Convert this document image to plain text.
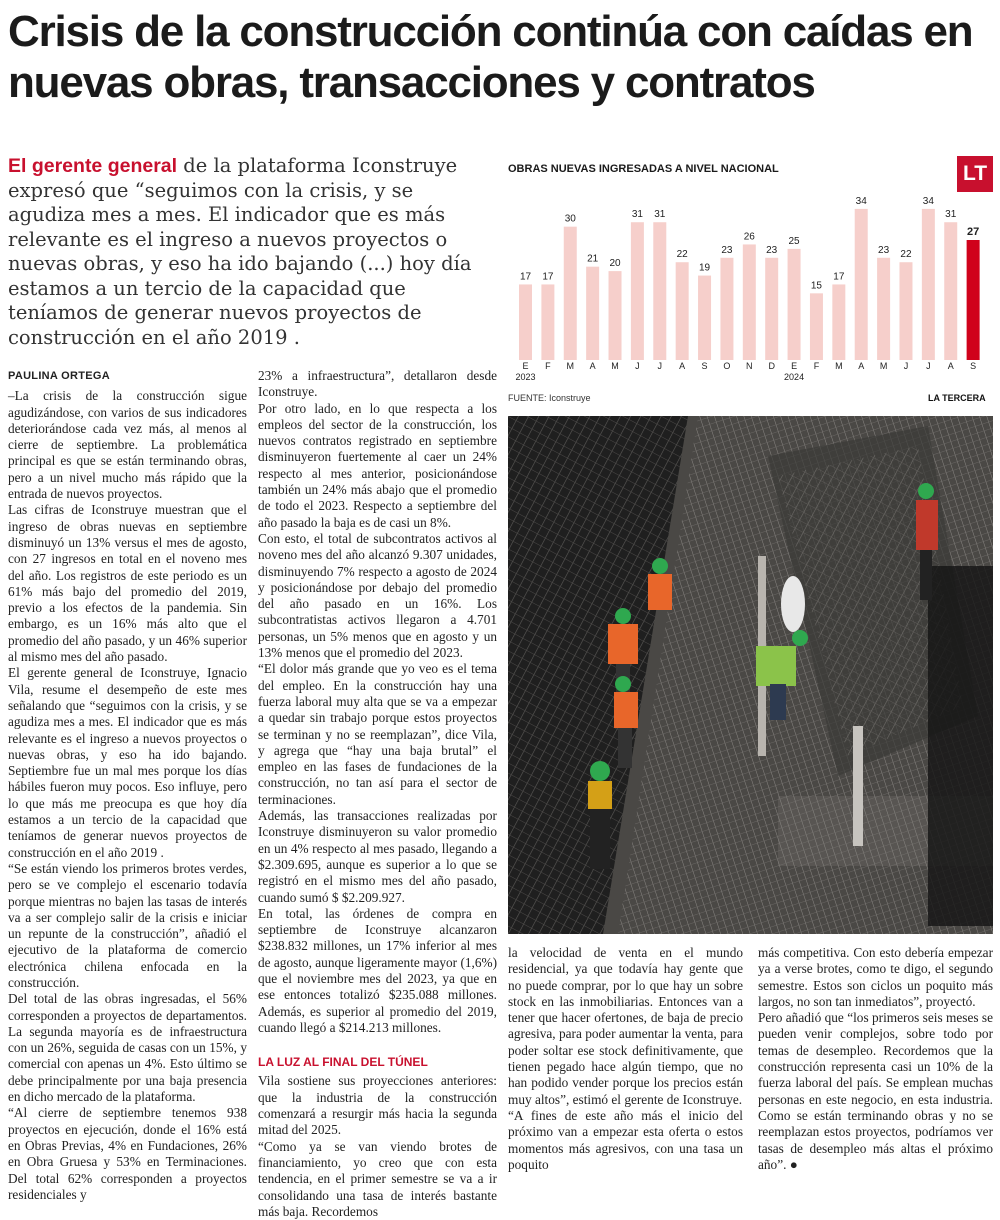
Crisis de la construcción continúa con caídas en nuevas obras, transacciones y contratos

El gerente general de la plataforma Iconstruye expresó que “seguimos con la crisis, y se agudiza mes a mes. El indicador que es más relevante es el ingreso a nuevos proyectos o nuevas obras, y eso ha ido bajando (...) hoy día estamos a un tercio de la capacidad que teníamos de generar nuevos proyectos de construcción en el año 2019 .

PAULINA ORTEGA

–La crisis de la construcción sigue agudizándose, con varios de sus indicadores deteriorándose cada vez más, al menos al cierre de septiembre. La problemática principal es que se están terminando obras, pero a un nivel mucho más rápido que la entrada de nuevos proyectos.

Las cifras de Iconstruye muestran que el ingreso de obras nuevas en septiembre disminuyó un 13% versus el mes de agosto, con 27 ingresos en total en el noveno mes del año. Los registros de este periodo es un 61% más bajo del promedio del 2019, previo a los efectos de la pandemia. Sin embargo, es un 16% más alto que el promedio del año pasado, y un 46% superior al mismo mes del año pasado.

El gerente general de Iconstruye, Ignacio Vila, resume el desempeño de este mes señalando que “seguimos con la crisis, y se agudiza mes a mes. El indicador que es más relevante es el ingreso a nuevos proyectos o nuevas obras, y eso ha ido bajando. Septiembre fue un mal mes porque los días hábiles fueron muy pocos. Eso influye, pero lo que más me preocupa es que hoy día estamos a un tercio de la capacidad que teníamos de generar nuevos proyectos de construcción en el año 2019 .

“Se están viendo los primeros brotes verdes, pero se ve complejo el escenario todavía porque mientras no bajen las tasas de interés va a ser complejo salir de la crisis e iniciar un repunte de la construcción”, añadió el ejecutivo de la plataforma de comercio electrónica chilena enfocada en la construcción.

Del total de las obras ingresadas, el 56% corresponden a proyectos de departamentos. La segunda mayoría es de infraestructura con un 26%, seguida de casas con un 15%, y comercial con apenas un 4%. Esto último se debe principalmente por una baja presencia en dicho mercado de la plataforma.

“Al cierre de septiembre tenemos 938 proyectos en ejecución, donde el 16% está en Obras Previas, 4% en Fundaciones, 26% en Obra Gruesa y 53% en Terminaciones. Del total 62% corresponden a proyectos residenciales y

23% a infraestructura”, detallaron desde Iconstruye.

Por otro lado, en lo que respecta a los empleos del sector de la construcción, los nuevos contratos registrado en septiembre disminuyeron fuertemente al caer un 24% respecto al mes anterior, posicionándose también un 24% más abajo que el promedio de todo el 2023. Respecto a septiembre del año pasado la baja es de casi un 8%.

Con esto, el total de subcontratos activos al noveno mes del año alcanzó 9.307 unidades, disminuyendo 7% respecto a agosto de 2024 y posicionándose por debajo del promedio del año pasado en un 16%. Los subcontratistas activos llegaron a 4.701 personas, un 5% menos que en agosto y un 13% menos que el promedio del 2023.

“El dolor más grande que yo veo es el tema del empleo. En la construcción hay una fuerza laboral muy alta que se va a empezar a quedar sin trabajo porque estos proyectos se terminan y no se reemplazan”, dice Vila, y agrega que “hay una baja brutal” el empleo en las fases de fundaciones de la construcción, no tan así para el sector de terminaciones.

Además, las transacciones realizadas por Iconstruye disminuyeron su valor promedio en un 4% respecto al mes pasado, llegando a $2.309.695, aunque es superior a lo que se registró en el mismo mes del año pasado, cuando sumó $ $2.209.927.

En total, las órdenes de compra en septiembre de Iconstruye alcanzaron $238.832 millones, un 17% inferior al mes de agosto, aunque ligeramente mayor (1,6%) que el noviembre mes del 2023, ya que en ese entonces totalizó $235.088 millones. Además, es superior al promedio del 2019, cuando llegó a $214.213 millones.

LA LUZ AL FINAL DEL TÚNEL

Vila sostiene sus proyecciones anteriores: que la industria de la construcción comenzará a resurgir más hacia la segunda mitad del 2025.

“Como ya se van viendo brotes de financiamiento, yo creo que con esta tendencia, en el primer semestre se va a ir consolidando una tasa de interés bastante más baja. Recordemos

la velocidad de venta en el mundo residencial, ya que todavía hay gente que no puede comprar, por lo que hay un sobre stock en las inmobiliarias. Entonces van a tener que hacer ofertones, de baja de precio agresiva, para poder aumentar la venta, para poder soltar ese stock definitivamente, que tienen pegado hace algún tiempo, que no han podido vender porque los precios están muy altos”, estimó el gerente de Iconstruye.

“A fines de este año más el inicio del próximo van a empezar esta oferta o estos momentos más agresivos, con una tasa un poquito

más competitiva. Con esto debería empezar ya a verse brotes, como te digo, el segundo semestre. Estos son ciclos un poquito más largos, no son tan inmediatos”, proyectó.

Pero añadió que “los primeros seis meses se pueden venir complejos, sobre todo por temas de desempleo. Recordemos que la construcción representa casi un 10% de la fuerza laboral del país. Se emplean muchas personas en este negocio, en esta industria. Como se están terminando obras y no se reemplazan estos proyectos, podríamos ver tasas de desempleo más altas el próximo año”. ●

OBRAS NUEVAS INGRESADAS A NIVEL NACIONAL	LT
17
E
17
F
30
M
21
A
20
M
31
J
31
J
22
A
19
S
23
O
26
N
23
D
25
E
15
F
17
M
34
A
23
M
22
J
34
J
31
A
27
S
2023	2024
FUENTE: Iconstruye	LA TERCERA
